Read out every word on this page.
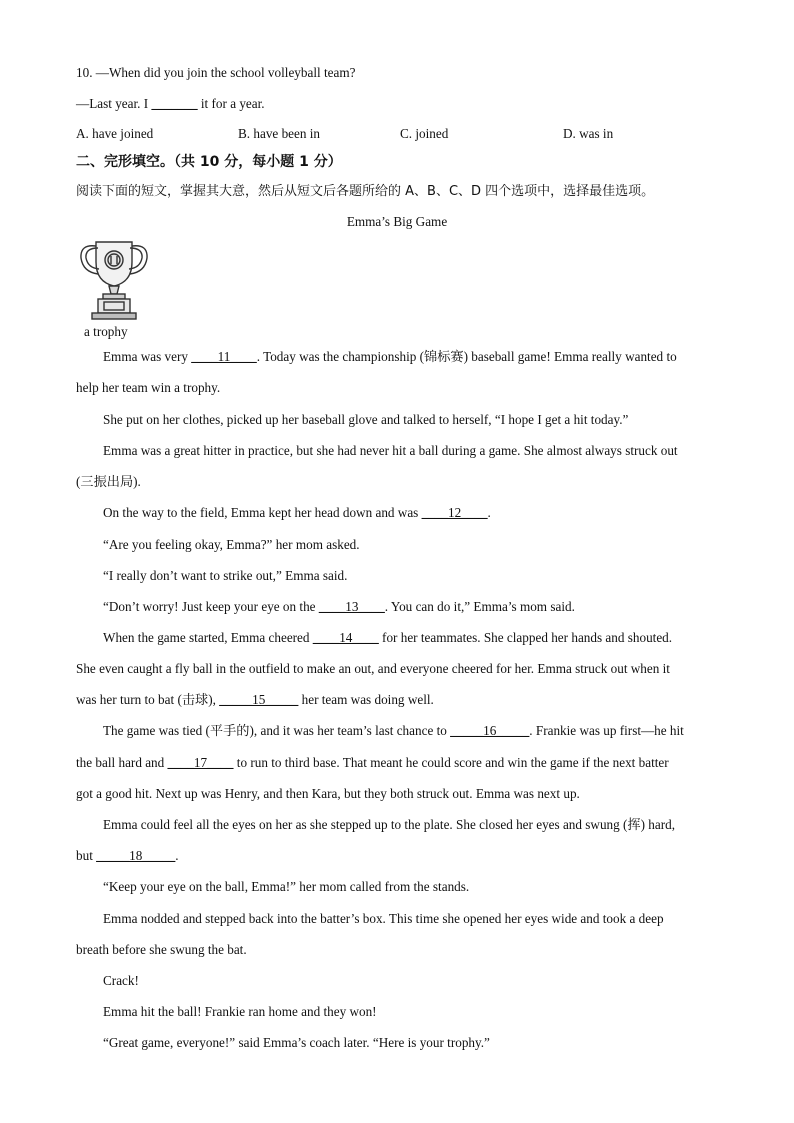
10. —When did you join the school volleyball team?
—Last year. I _______ it for a year.
A. have joined	B. have been in	C. joined	D. was in
二、完形填空。（共 10 分，每小题 1 分）
阅读下面的短文，掌握其大意，然后从短文后各题所给的 A、B、C、D 四个选项中，选择最佳选项。
Emma’s Big Game
a trophy
Emma was very ____11____. Today was the championship (锦标赛) baseball game! Emma really wanted to
help her team win a trophy.
She put on her clothes, picked up her baseball glove and talked to herself, “I hope I get a hit today.”
Emma was a great hitter in practice, but she had never hit a ball during a game. She almost always struck out
(三振出局).
On the way to the field, Emma kept her head down and was ____12____.
“Are you feeling okay, Emma?” her mom asked.
“I really don’t want to strike out,” Emma said.
“Don’t worry! Just keep your eye on the ____13____. You can do it,” Emma’s mom said.
When the game started, Emma cheered ____14____ for her teammates. She clapped her hands and shouted.
She even caught a fly ball in the outfield to make an out, and everyone cheered for her. Emma struck out when it
was her turn to bat (击球), _____15_____ her team was doing well.
The game was tied (平手的), and it was her team’s last chance to _____16_____. Frankie was up first—he hit
the ball hard and ____17____ to run to third base. That meant he could score and win the game if the next batter
got a good hit. Next up was Henry, and then Kara, but they both struck out. Emma was next up.
Emma could feel all the eyes on her as she stepped up to the plate. She closed her eyes and swung (挥) hard,
but _____18_____.
“Keep your eye on the ball, Emma!” her mom called from the stands.
Emma nodded and stepped back into the batter’s box. This time she opened her eyes wide and took a deep
breath before she swung the bat.
Crack!
Emma hit the ball! Frankie ran home and they won!
“Great game, everyone!” said Emma’s coach later. “Here is your trophy.”
